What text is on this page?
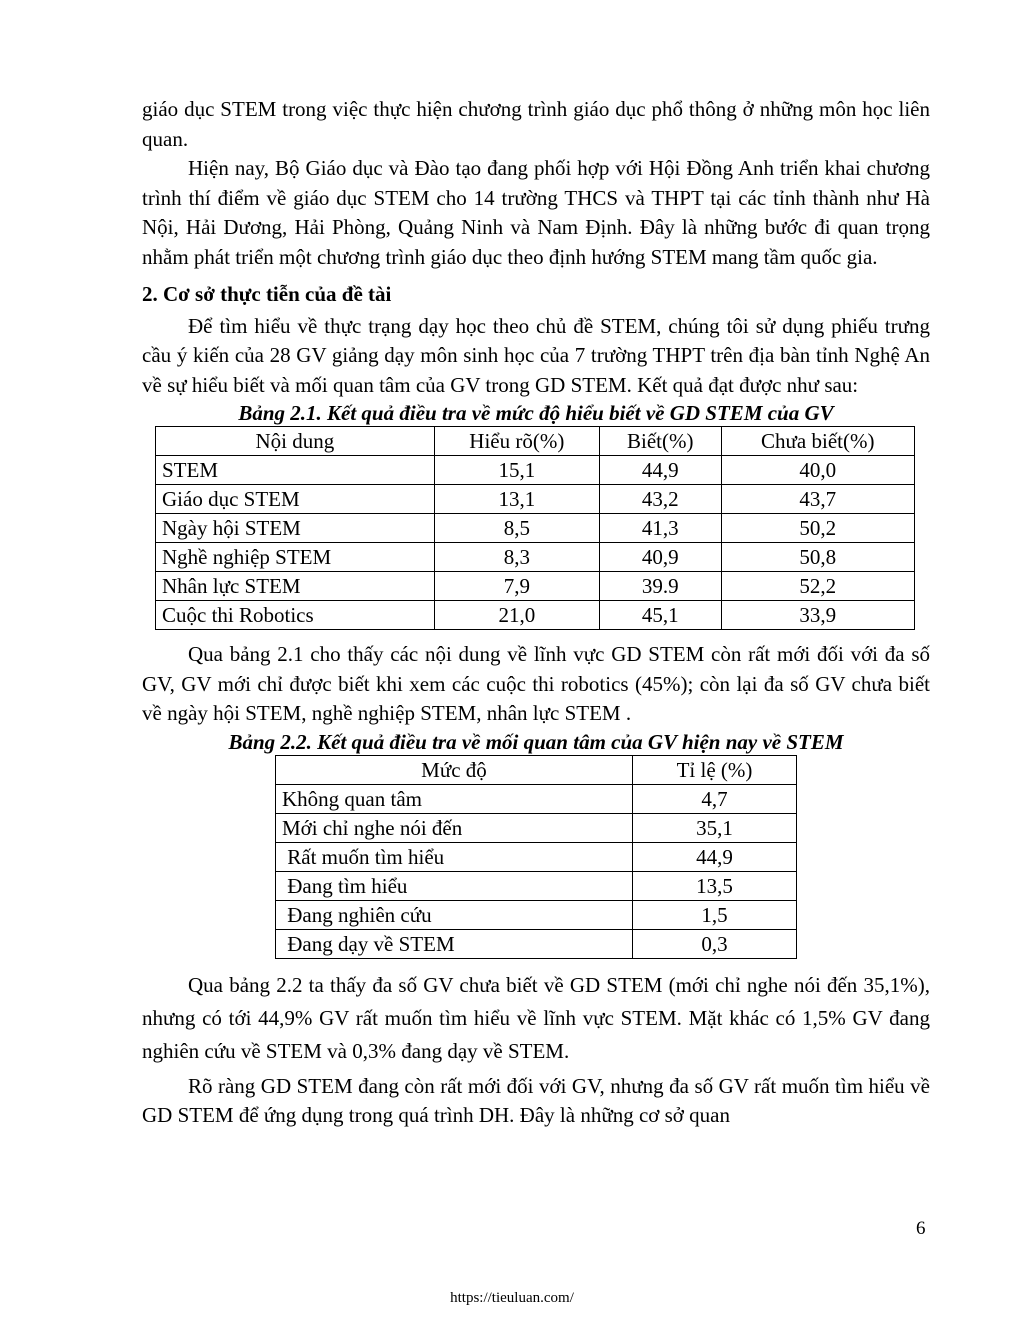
giáo dục STEM trong việc thực hiện chương trình giáo dục phổ thông ở những môn học liên quan.

Hiện nay, Bộ Giáo dục và Đào tạo đang phối hợp với Hội Đồng Anh triển khai chương trình thí điểm về giáo dục STEM cho 14 trường THCS và THPT tại các tỉnh thành như Hà Nội, Hải Dương, Hải Phòng, Quảng Ninh và Nam Định. Đây là những bước đi quan trọng nhằm phát triển một chương trình giáo dục theo định hướng STEM mang tầm quốc gia.

2. Cơ sở thực tiễn của đề tài

Để tìm hiểu về thực trạng dạy học theo chủ đề STEM, chúng tôi sử dụng phiếu trưng cầu ý kiến của 28 GV giảng dạy môn sinh học của 7 trường THPT trên địa bàn tỉnh Nghệ An về sự hiểu biết và mối quan tâm của GV trong GD STEM. Kết quả đạt được như sau:

Bảng 2.1. Kết quả điều tra về mức độ hiểu biết về GD STEM của GV
Nội dung	Hiểu rõ(%)	Biết(%)	Chưa biết(%)
STEM	15,1	44,9	40,0
Giáo dục STEM	13,1	43,2	43,7
Ngày hội STEM	8,5	41,3	50,2
Nghề nghiệp STEM	8,3	40,9	50,8
Nhân lực STEM	7,9	39.9	52,2
Cuộc thi Robotics	21,0	45,1	33,9

Qua bảng 2.1 cho thấy các nội dung về lĩnh vực GD STEM còn rất mới đối với đa số GV, GV mới chỉ được biết khi xem các cuộc thi robotics (45%); còn lại đa số GV chưa biết về ngày hội STEM, nghề nghiệp STEM, nhân lực STEM .

Bảng 2.2. Kết quả điều tra về mối quan tâm của GV hiện nay về STEM
Mức độ	Tỉ lệ (%)
Không quan tâm	4,7
Mới chỉ nghe nói đến	35,1
Rất muốn tìm hiểu	44,9
Đang tìm hiểu	13,5
Đang nghiên cứu	1,5
Đang dạy về STEM	0,3

Qua bảng 2.2 ta thấy đa số GV chưa biết về GD STEM (mới chỉ nghe nói đến 35,1%), nhưng có tới 44,9% GV rất muốn tìm hiểu về lĩnh vực STEM. Mặt khác có 1,5% GV đang nghiên cứu về STEM và 0,3% đang dạy về STEM.

Rõ ràng GD STEM đang còn rất mới đối với GV, nhưng đa số GV rất muốn tìm hiểu về GD STEM để ứng dụng trong quá trình DH. Đây là những cơ sở quan

6
https://tieuluan.com/
